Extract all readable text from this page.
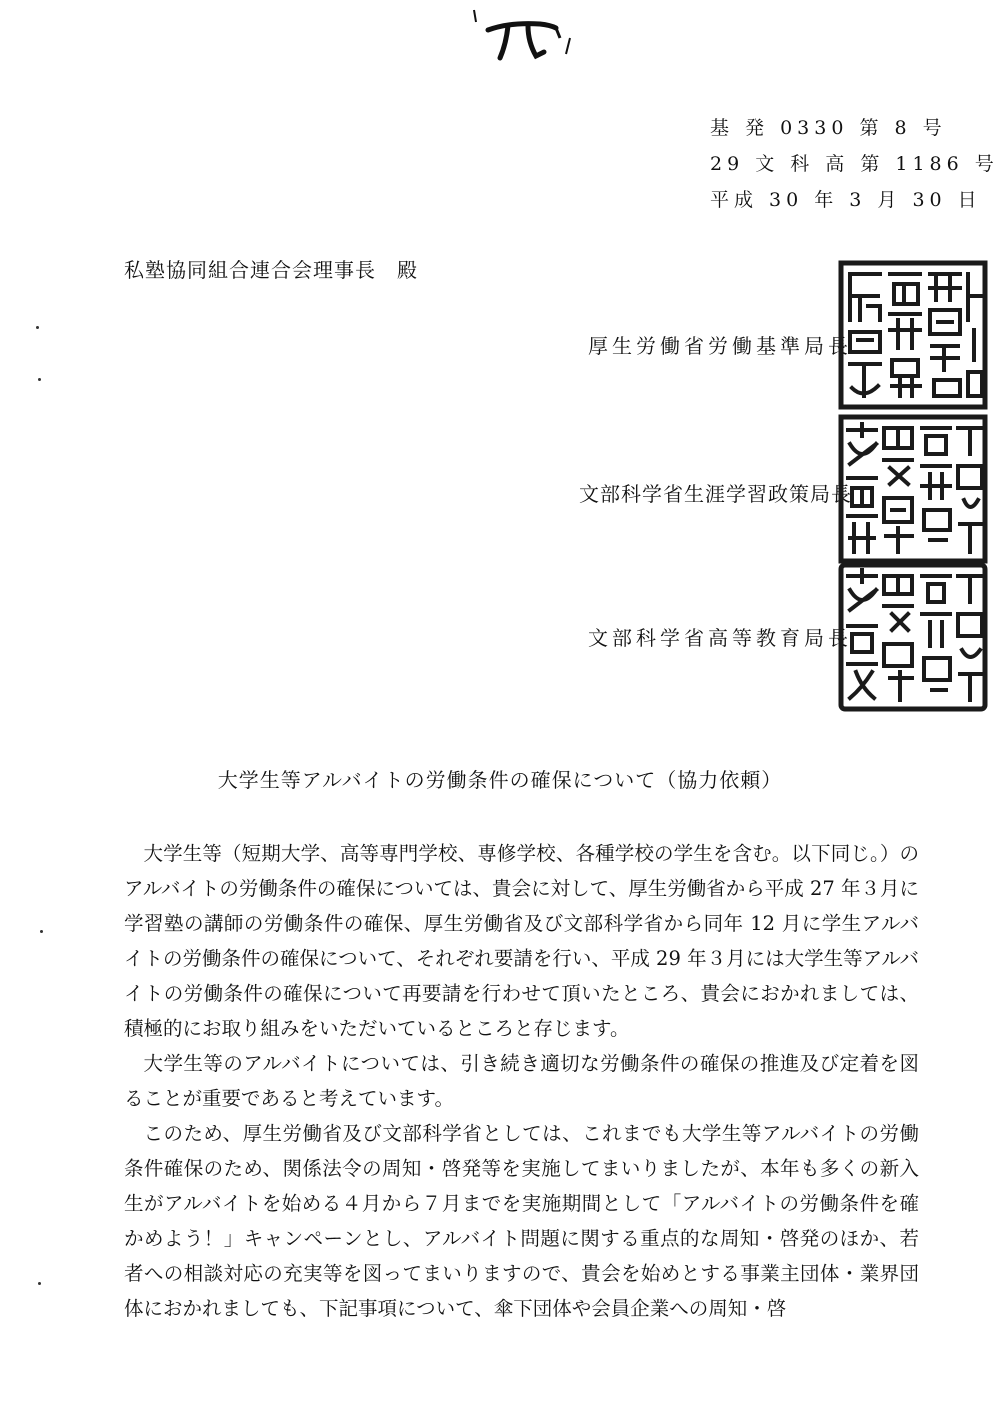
基 発 0330 第 8 号
29 文 科 高 第 1186 号
平成 30 年 3 月 30 日
私塾協同組合連合会理事長　殿
厚生労働省労働基準局長
文部科学省生涯学習政策局長
文部科学省高等教育局長
大学生等アルバイトの労働条件の確保について（協力依頼）

大学生等（短期大学、高等専門学校、専修学校、各種学校の学生を含む。以下同じ。）のアルバイトの労働条件の確保については、貴会に対して、厚生労働省から平成 27 年３月に学習塾の講師の労働条件の確保、厚生労働省及び文部科学省から同年 12 月に学生アルバイトの労働条件の確保について、それぞれ要請を行い、平成 29 年３月には大学生等アルバイトの労働条件の確保について再要請を行わせて頂いたところ、貴会におかれましては、積極的にお取り組みをいただいているところと存じます。

大学生等のアルバイトについては、引き続き適切な労働条件の確保の推進及び定着を図ることが重要であると考えています。

このため、厚生労働省及び文部科学省としては、これまでも大学生等アルバイトの労働条件確保のため、関係法令の周知・啓発等を実施してまいりましたが、本年も多くの新入生がアルバイトを始める４月から７月までを実施期間として「アルバイトの労働条件を確かめよう！」キャンペーンとし、アルバイト問題に関する重点的な周知・啓発のほか、若者への相談対応の充実等を図ってまいりますので、貴会を始めとする事業主団体・業界団体におかれましても、下記事項について、傘下団体や会員企業への周知・啓
